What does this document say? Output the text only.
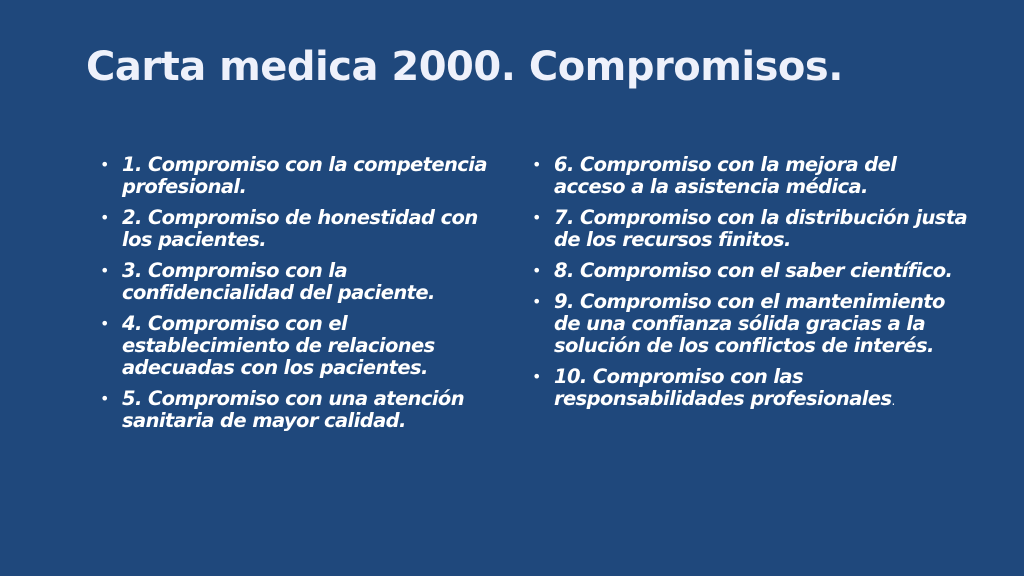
Carta medica 2000. Compromisos.
• 1. Compromiso con la competencia profesional.
• 2. Compromiso de honestidad con los pacientes.
• 3. Compromiso con la confidencialidad del paciente.
• 4. Compromiso con el establecimiento de relaciones adecuadas con los pacientes.
• 5. Compromiso con una atención sanitaria de mayor calidad.
• 6. Compromiso con la mejora del acceso a la asistencia médica.
• 7. Compromiso con la distribución justa de los recursos finitos.
• 8. Compromiso con el saber científico.
• 9. Compromiso con el mantenimiento de una confianza sólida gracias a la solución de los conflictos de interés.
• 10. Compromiso con las responsabilidades profesionales.
